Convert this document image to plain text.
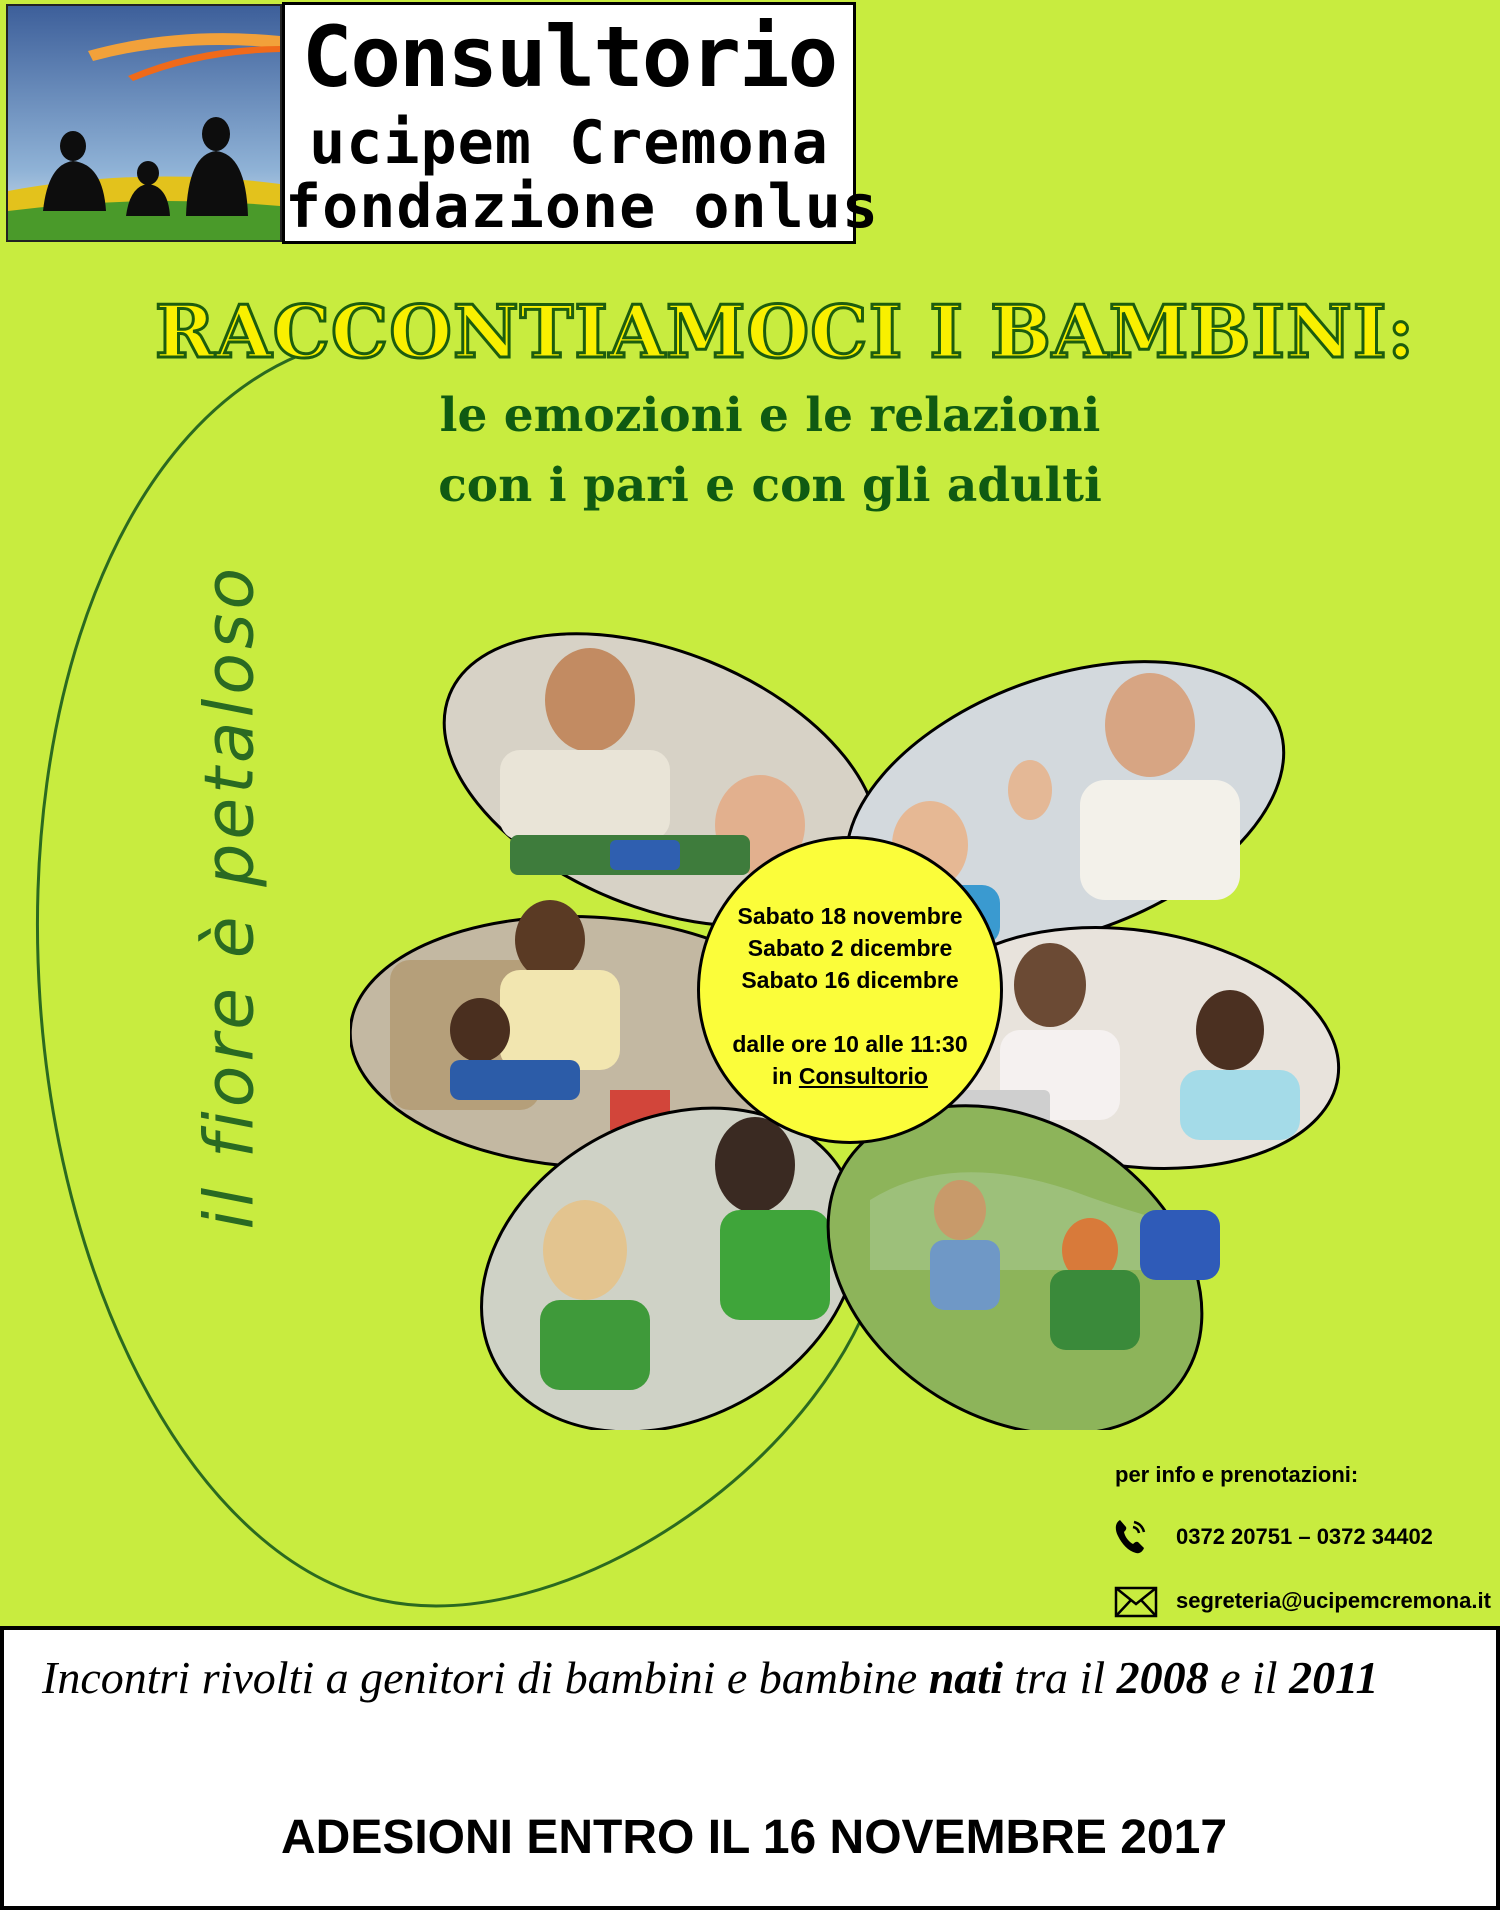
Consultorio
ucipem Cremona
fondazione onlus
RACCONTIAMOCI I BAMBINI:
le emozioni e le relazioni
con i pari e con gli adulti
il fiore è petaloso	Sabato 18 novembre
Sabato 2 dicembre
Sabato 16 dicembre
dalle ore 10 alle 11:30
in Consultorio
per info e prenotazioni:
0372 20751 – 0372 34402
segreteria@ucipemcremona.it
Incontri rivolti a genitori di bambini e bambine nati tra il 2008 e il 2011
ADESIONI ENTRO IL 16 NOVEMBRE 2017
